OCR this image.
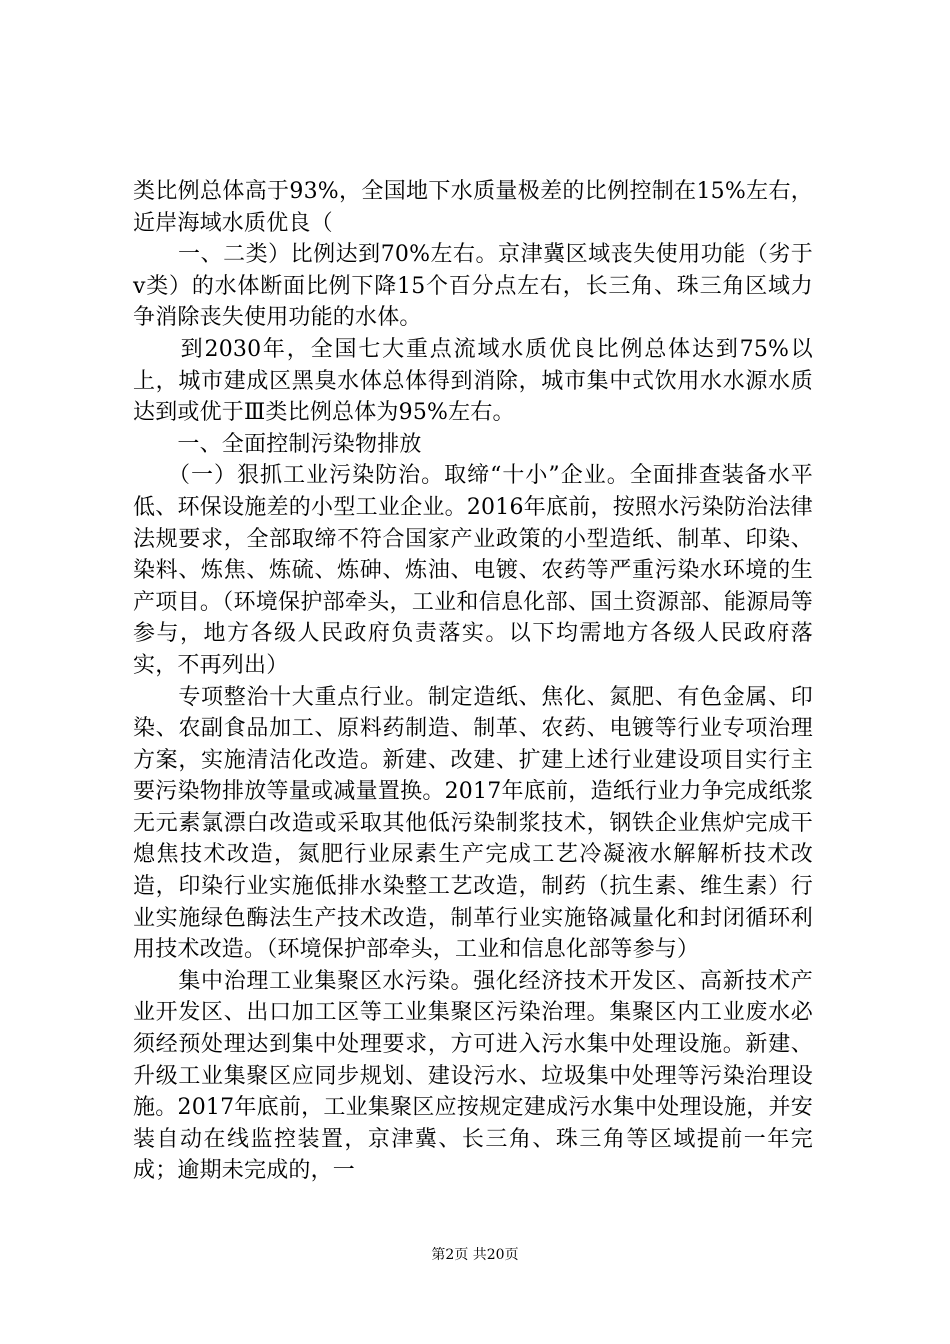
类比例总体高于93%，全国地下水质量极差的比例控制在15%左右，近岸海域水质优良（

　　一、二类）比例达到70%左右。京津冀区域丧失使用功能（劣于v类）的水体断面比例下降15个百分点左右，长三角、珠三角区域力争消除丧失使用功能的水体。

　　到2030年，全国七大重点流域水质优良比例总体达到75%以上，城市建成区黑臭水体总体得到消除，城市集中式饮用水水源水质达到或优于Ⅲ类比例总体为95%左右。

　　一、全面控制污染物排放

　　（一）狠抓工业污染防治。取缔“十小”企业。全面排查装备水平低、环保设施差的小型工业企业。2016年底前，按照水污染防治法律法规要求，全部取缔不符合国家产业政策的小型造纸、制革、印染、染料、炼焦、炼硫、炼砷、炼油、电镀、农药等严重污染水环境的生产项目。（环境保护部牵头，工业和信息化部、国土资源部、能源局等参与，地方各级人民政府负责落实。以下均需地方各级人民政府落实，不再列出）

　　专项整治十大重点行业。制定造纸、焦化、氮肥、有色金属、印染、农副食品加工、原料药制造、制革、农药、电镀等行业专项治理方案，实施清洁化改造。新建、改建、扩建上述行业建设项目实行主要污染物排放等量或减量置换。2017年底前，造纸行业力争完成纸浆无元素氯漂白改造或采取其他低污染制浆技术，钢铁企业焦炉完成干熄焦技术改造，氮肥行业尿素生产完成工艺冷凝液水解解析技术改造，印染行业实施低排水染整工艺改造，制药（抗生素、维生素）行业实施绿色酶法生产技术改造，制革行业实施铬减量化和封闭循环利用技术改造。（环境保护部牵头，工业和信息化部等参与）

　　集中治理工业集聚区水污染。强化经济技术开发区、高新技术产业开发区、出口加工区等工业集聚区污染治理。集聚区内工业废水必须经预处理达到集中处理要求，方可进入污水集中处理设施。新建、升级工业集聚区应同步规划、建设污水、垃圾集中处理等污染治理设施。2017年底前，工业集聚区应按规定建成污水集中处理设施，并安装自动在线监控装置，京津冀、长三角、珠三角等区域提前一年完成；逾期未完成的，一

第2页 共20页
